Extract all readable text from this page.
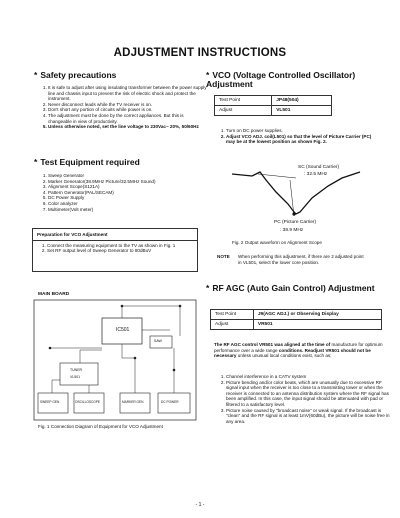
ADJUSTMENT INSTRUCTIONS
* Safety precautions
1. It is safe to adjust after using insulating transformer between the power supply line and chassis input to prevent the risk of electric shock and protect the instrument.
2. Never disconnect leads while the TV receiver is on.
3. Don't short any portion of circuits while power is on.
4. The adjustment must be done by the correct appliances. But this is changeable in view of productivity.
5. Unless otherwise noted, set the line voltage to 230Vac~ 20%, 50/60Hz
* Test Equipment required
1. Sweep Generator
2. Marker Generator(38.9MHz Picture/32.5MHz Sound)
3. Alignment Scope(S121A)
4. Pattern Generator(PAL/SECAM)
5. DC Power Supply
6. Color analyzer
7. Multimeter(Volt meter)
Preparation for VCO Adjustment
1. Connect the measuring equipment to the TV as shown in Fig. 1
2. Set RF output level of Sweep Generator to 80dBuV
MAIN BOARD
IC501
SAW
TUNER
VL501
SWEEP GEN	OSCILLOSCOPE	MARKER GEN	DC POWER
Fig. 1 Connection Diagram of Equipment for VCO Adjustment
* VCO (Voltage Controlled Oscillator) Adjustment
Test Point	JP48(504)
Adjust	VL501
1. Turn on DC power supplies.
2. Adjust VCO ADJ. coil(L501) so that the level of Picture Carrier (PC) may be at the lowest position as shown Fig. 2.
SC (Sound Carrier)
: 32.5 MHz
PC (Picture Carrier)
: 38.9 MHz
Fig. 2 Output waveform on Alignment Scope
NOTE When performing this adjustment, if there are 2 adjusted point in VL501, select the lower core position.
* RF AGC (Auto Gain Control) Adjustment
Test Point	J9(AGC ADJ.) or Observing Display
Adjust	VR501
The RF AGC control VR501 was aligned at the time of manufacture for optimum performance over a wide range conditions. Readjust VR501 should not be necessary unless unusual local conditions exist, such as;
1. Channel interference in a CATV system
2. Picture bending and/or color beats, which are unusually due to excessive RF signal input when the receiver is too close to a transmitting tower or when the receiver is connected to an antenna distribution system where the RF signal has been amplified. In this case, the input signal should be attenuated with pad or filtered to a satisfactory level.
3. Picture noise caused by "broadcast noise" or weak signal. If the broadcast is "clean" and the RF signal is at least 1mV(60dBu), the picture will be noise free in any area.
- 1 -
